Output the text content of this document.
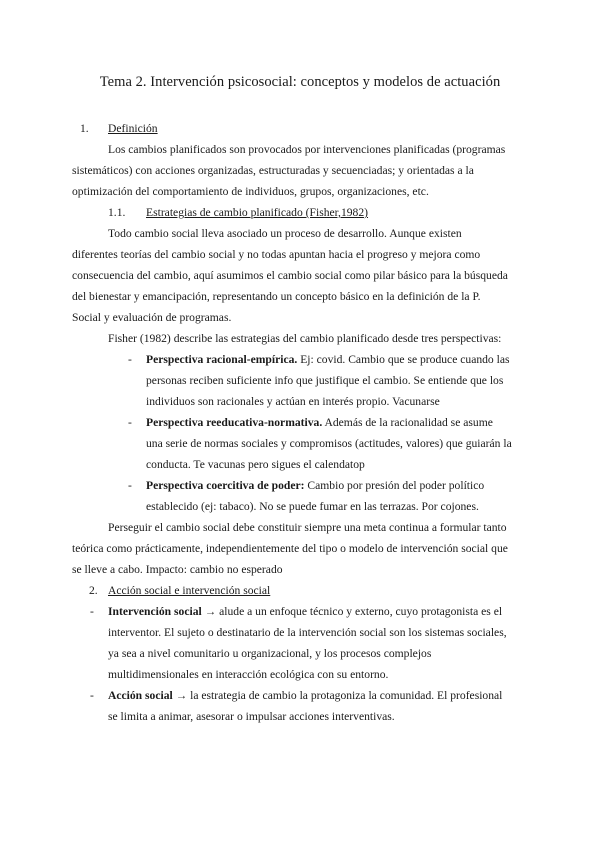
Tema 2. Intervención psicosocial: conceptos y modelos de actuación
1. Definición
Los cambios planificados son provocados por intervenciones planificadas (programas
sistemáticos) con acciones organizadas, estructuradas y secuenciadas; y orientadas a la
optimización del comportamiento de individuos, grupos, organizaciones, etc.
1.1. Estrategias de cambio planificado (Fisher,1982)
Todo cambio social lleva asociado un proceso de desarrollo. Aunque existen
diferentes teorías del cambio social y no todas apuntan hacia el progreso y mejora como
consecuencia del cambio, aquí asumimos el cambio social como pilar básico para la búsqueda
del bienestar y emancipación, representando un concepto básico en la definición de la P.
Social y evaluación de programas.
Fisher (1982) describe las estrategias del cambio planificado desde tres perspectivas:
- Perspectiva racional-empírica. Ej: covid. Cambio que se produce cuando las
personas reciben suficiente info que justifique el cambio. Se entiende que los
individuos son racionales y actúan en interés propio. Vacunarse
- Perspectiva reeducativa-normativa. Además de la racionalidad se asume
una serie de normas sociales y compromisos (actitudes, valores) que guiarán la
conducta. Te vacunas pero sigues el calendatop
- Perspectiva coercitiva de poder: Cambio por presión del poder político
establecido (ej: tabaco). No se puede fumar en las terrazas. Por cojones.
Perseguir el cambio social debe constituir siempre una meta continua a formular tanto
teórica como prácticamente, independientemente del tipo o modelo de intervención social que
se lleve a cabo. Impacto: cambio no esperado
2. Acción social e intervención social
- Intervención social → alude a un enfoque técnico y externo, cuyo protagonista es el
interventor. El sujeto o destinatario de la intervención social son los sistemas sociales,
ya sea a nivel comunitario u organizacional, y los procesos complejos
multidimensionales en interacción ecológica con su entorno.
- Acción social → la estrategia de cambio la protagoniza la comunidad. El profesional
se limita a animar, asesorar o impulsar acciones interventivas.
